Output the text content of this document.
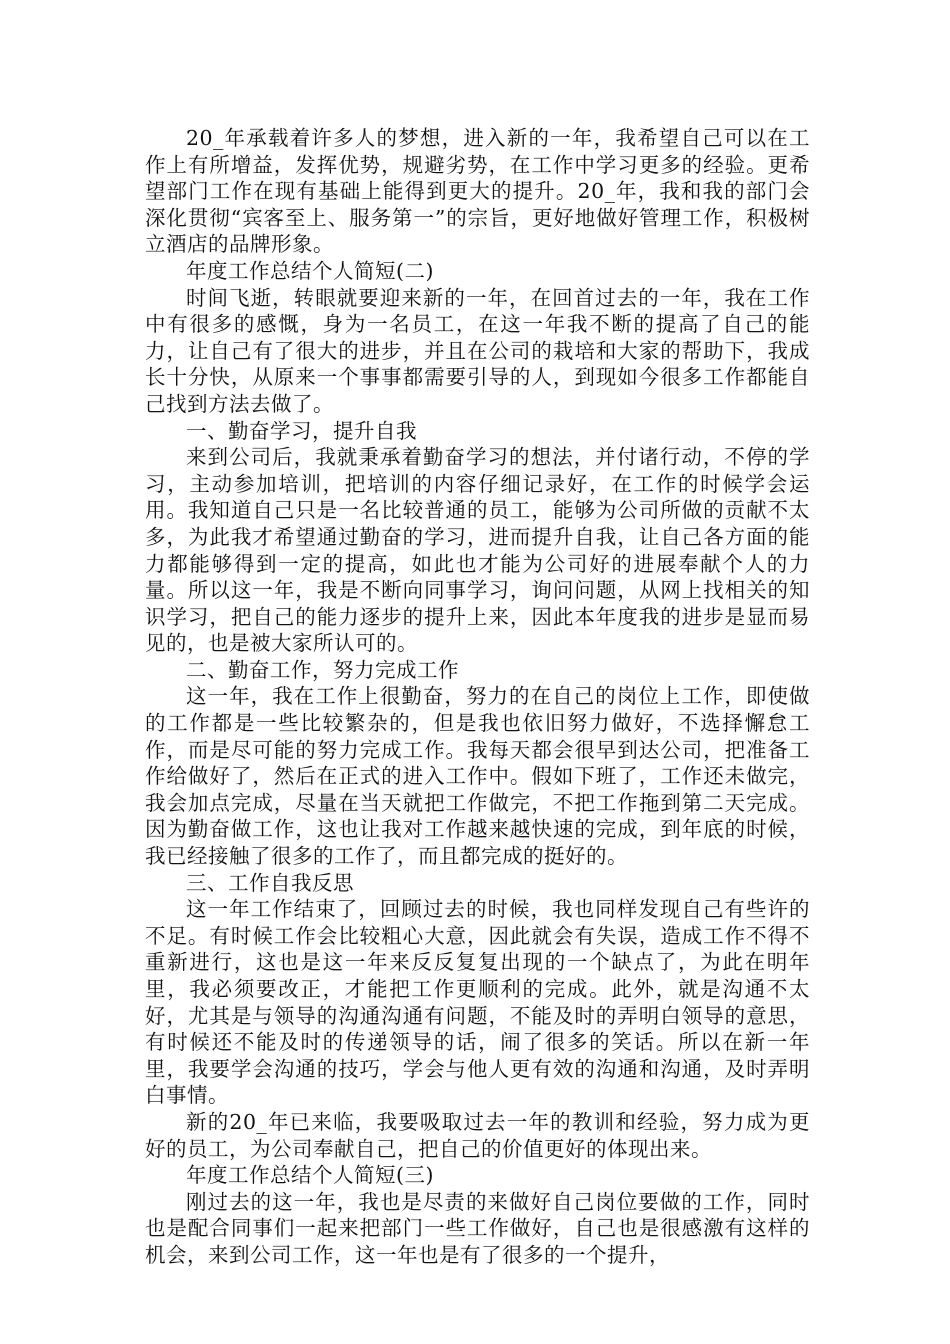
20_年承载着许多人的梦想，进入新的一年，我希望自己可以在工作上有所增益，发挥优势，规避劣势，在工作中学习更多的经验。更希望部门工作在现有基础上能得到更大的提升。20_年，我和我的部门会深化贯彻“宾客至上、服务第一”的宗旨，更好地做好管理工作，积极树立酒店的品牌形象。

年度工作总结个人简短(二)

时间飞逝，转眼就要迎来新的一年，在回首过去的一年，我在工作中有很多的感慨，身为一名员工，在这一年我不断的提高了自己的能力，让自己有了很大的进步，并且在公司的栽培和大家的帮助下，我成长十分快，从原来一个事事都需要引导的人，到现如今很多工作都能自己找到方法去做了。

一、勤奋学习，提升自我

来到公司后，我就秉承着勤奋学习的想法，并付诸行动，不停的学习，主动参加培训，把培训的内容仔细记录好，在工作的时候学会运用。我知道自己只是一名比较普通的员工，能够为公司所做的贡献不太多，为此我才希望通过勤奋的学习，进而提升自我，让自己各方面的能力都能够得到一定的提高，如此也才能为公司好的进展奉献个人的力量。所以这一年，我是不断向同事学习，询问问题，从网上找相关的知识学习，把自己的能力逐步的提升上来，因此本年度我的进步是显而易见的，也是被大家所认可的。

二、勤奋工作，努力完成工作

这一年，我在工作上很勤奋，努力的在自己的岗位上工作，即使做的工作都是一些比较繁杂的，但是我也依旧努力做好，不选择懈怠工作，而是尽可能的努力完成工作。我每天都会很早到达公司，把准备工作给做好了，然后在正式的进入工作中。假如下班了，工作还未做完，我会加点完成，尽量在当天就把工作做完，不把工作拖到第二天完成。因为勤奋做工作，这也让我对工作越来越快速的完成，到年底的时候，我已经接触了很多的工作了，而且都完成的挺好的。

三、工作自我反思

这一年工作结束了，回顾过去的时候，我也同样发现自己有些许的不足。有时候工作会比较粗心大意，因此就会有失误，造成工作不得不重新进行，这也是这一年来反反复复出现的一个缺点了，为此在明年里，我必须要改正，才能把工作更顺利的完成。此外，就是沟通不太好，尤其是与领导的沟通沟通有问题，不能及时的弄明白领导的意思，有时候还不能及时的传递领导的话，闹了很多的笑话。所以在新一年里，我要学会沟通的技巧，学会与他人更有效的沟通和沟通，及时弄明白事情。

新的20_年已来临，我要吸取过去一年的教训和经验，努力成为更好的员工，为公司奉献自己，把自己的价值更好的体现出来。

年度工作总结个人简短(三)

刚过去的这一年，我也是尽责的来做好自己岗位要做的工作，同时也是配合同事们一起来把部门一些工作做好，自己也是很感激有这样的机会，来到公司工作，这一年也是有了很多的一个提升，
